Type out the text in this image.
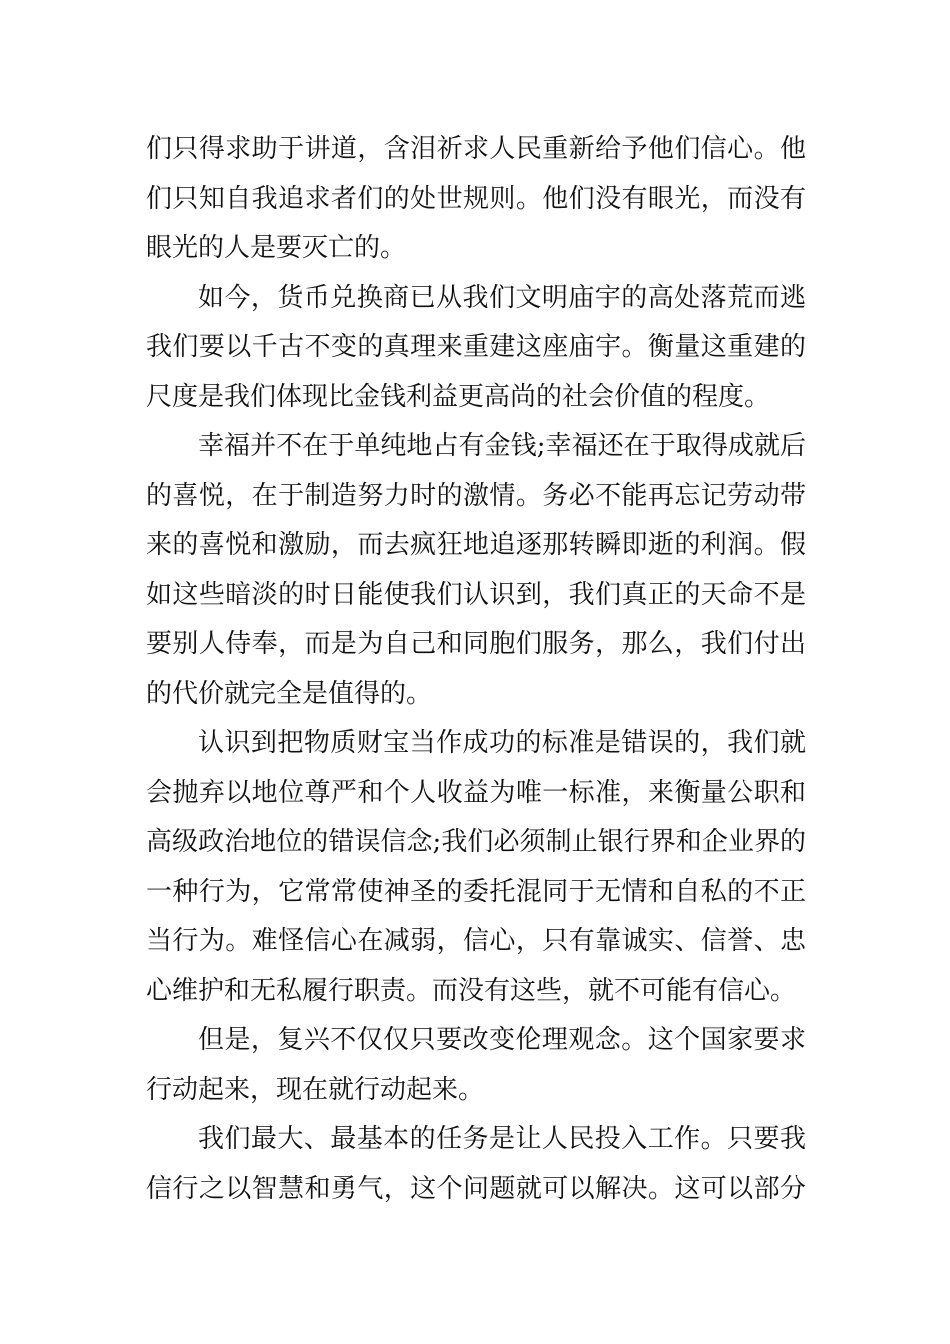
们只得求助于讲道，含泪祈求人民重新给予他们信心。他
们只知自我追求者们的处世规则。他们没有眼光，而没有
眼光的人是要灭亡的。
如今，货币兑换商已从我们文明庙宇的高处落荒而逃
我们要以千古不变的真理来重建这座庙宇。衡量这重建的
尺度是我们体现比金钱利益更高尚的社会价值的程度。
幸福并不在于单纯地占有金钱;幸福还在于取得成就后
的喜悦，在于制造努力时的激情。务必不能再忘记劳动带
来的喜悦和激励，而去疯狂地追逐那转瞬即逝的利润。假
如这些暗淡的时日能使我们认识到，我们真正的天命不是
要别人侍奉，而是为自己和同胞们服务，那么，我们付出
的代价就完全是值得的。
认识到把物质财宝当作成功的标准是错误的，我们就
会抛弃以地位尊严和个人收益为唯一标准，来衡量公职和
高级政治地位的错误信念;我们必须制止银行界和企业界的
一种行为，它常常使神圣的委托混同于无情和自私的不正
当行为。难怪信心在减弱，信心，只有靠诚实、信誉、忠
心维护和无私履行职责。而没有这些，就不可能有信心。
但是，复兴不仅仅只要改变伦理观念。这个国家要求
行动起来，现在就行动起来。
我们最大、最基本的任务是让人民投入工作。只要我
信行之以智慧和勇气，这个问题就可以解决。这可以部分
